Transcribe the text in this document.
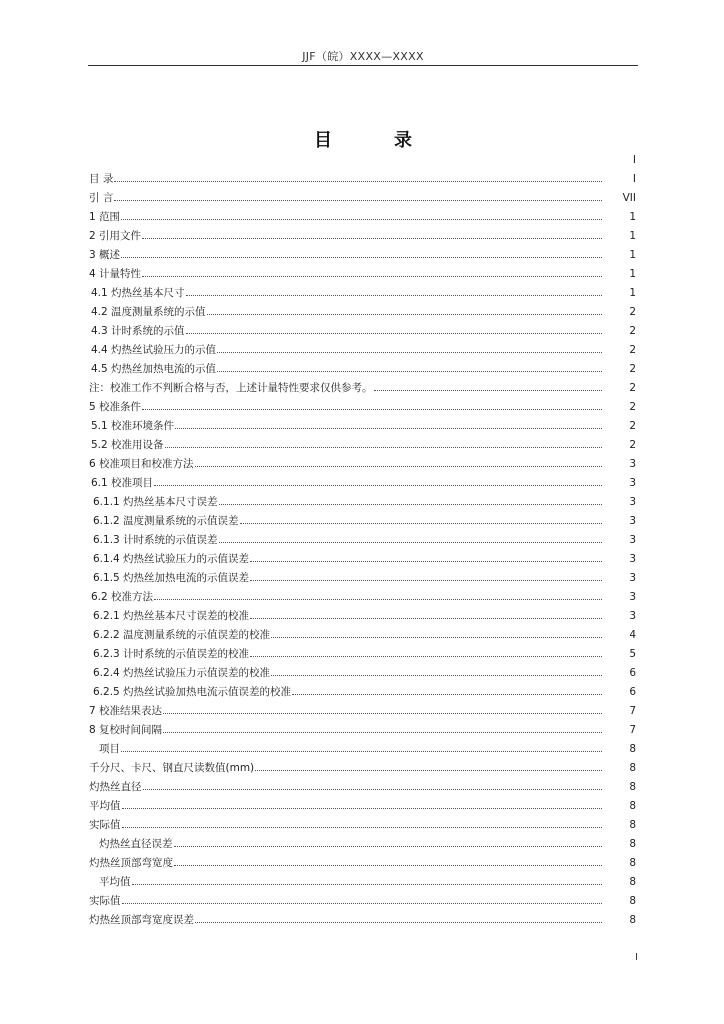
JJF（皖）XXXX—XXXX
目　录
I
目 录	I
引 言	VII
1 范围	1
2 引用文件	1
3 概述	1
4 计量特性	1
4.1 灼热丝基本尺寸	1
4.2 温度测量系统的示值	2
4.3 计时系统的示值	2
4.4 灼热丝试验压力的示值	2
4.5 灼热丝加热电流的示值	2
注：校准工作不判断合格与否，上述计量特性要求仅供参考。	2
5 校准条件	2
5.1 校准环境条件	2
5.2 校准用设备	2
6 校准项目和校准方法	3
6.1 校准项目	3
6.1.1 灼热丝基本尺寸误差	3
6.1.2 温度测量系统的示值误差	3
6.1.3 计时系统的示值误差	3
6.1.4 灼热丝试验压力的示值误差	3
6.1.5 灼热丝加热电流的示值误差	3
6.2 校准方法	3
6.2.1 灼热丝基本尺寸误差的校准	3
6.2.2 温度测量系统的示值误差的校准	4
6.2.3 计时系统的示值误差的校准	5
6.2.4 灼热丝试验压力示值误差的校准	6
6.2.5 灼热丝试验加热电流示值误差的校准	6
7 校准结果表达	7
8 复校时间间隔	7
项目	8
千分尺、卡尺、钢直尺读数值(mm)	8
灼热丝直径	8
平均值	8
实际值	8
灼热丝直径误差	8
灼热丝顶部弯宽度	8
平均值	8
实际值	8
灼热丝顶部弯宽度误差	8
I
